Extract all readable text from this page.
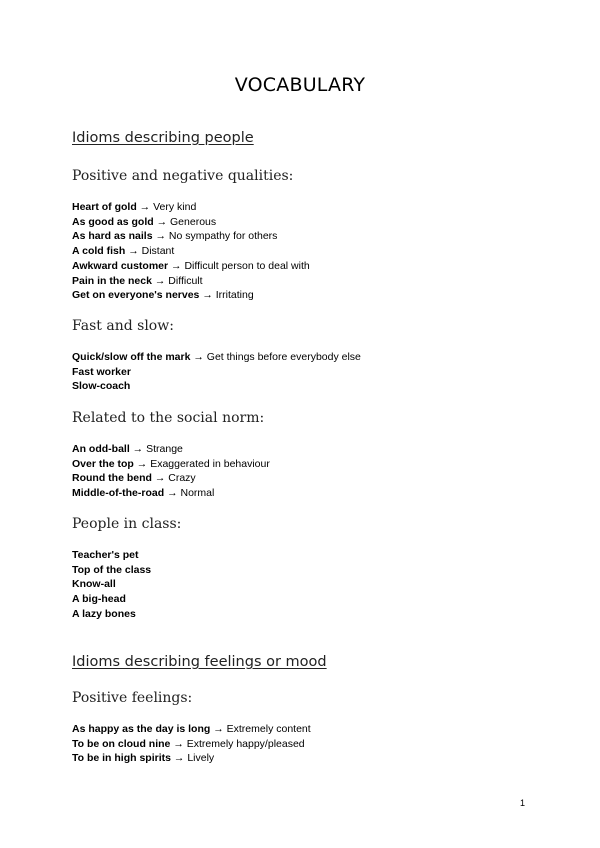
VOCABULARY
Idioms describing people
Positive and negative qualities:
Heart of gold → Very kind
As good as gold → Generous
As hard as nails → No sympathy for others
A cold fish → Distant
Awkward customer → Difficult person to deal with
Pain in the neck → Difficult
Get on everyone's nerves → Irritating
Fast and slow:
Quick/slow off the mark → Get things before everybody else
Fast worker
Slow-coach
Related to the social norm:
An odd-ball → Strange
Over the top → Exaggerated in behaviour
Round the bend → Crazy
Middle-of-the-road → Normal
People in class:
Teacher's pet
Top of the class
Know-all
A big-head
A lazy bones
Idioms describing feelings or mood
Positive feelings:
As happy as the day is long → Extremely content
To be on cloud nine → Extremely happy/pleased
To be in high spirits → Lively
1
